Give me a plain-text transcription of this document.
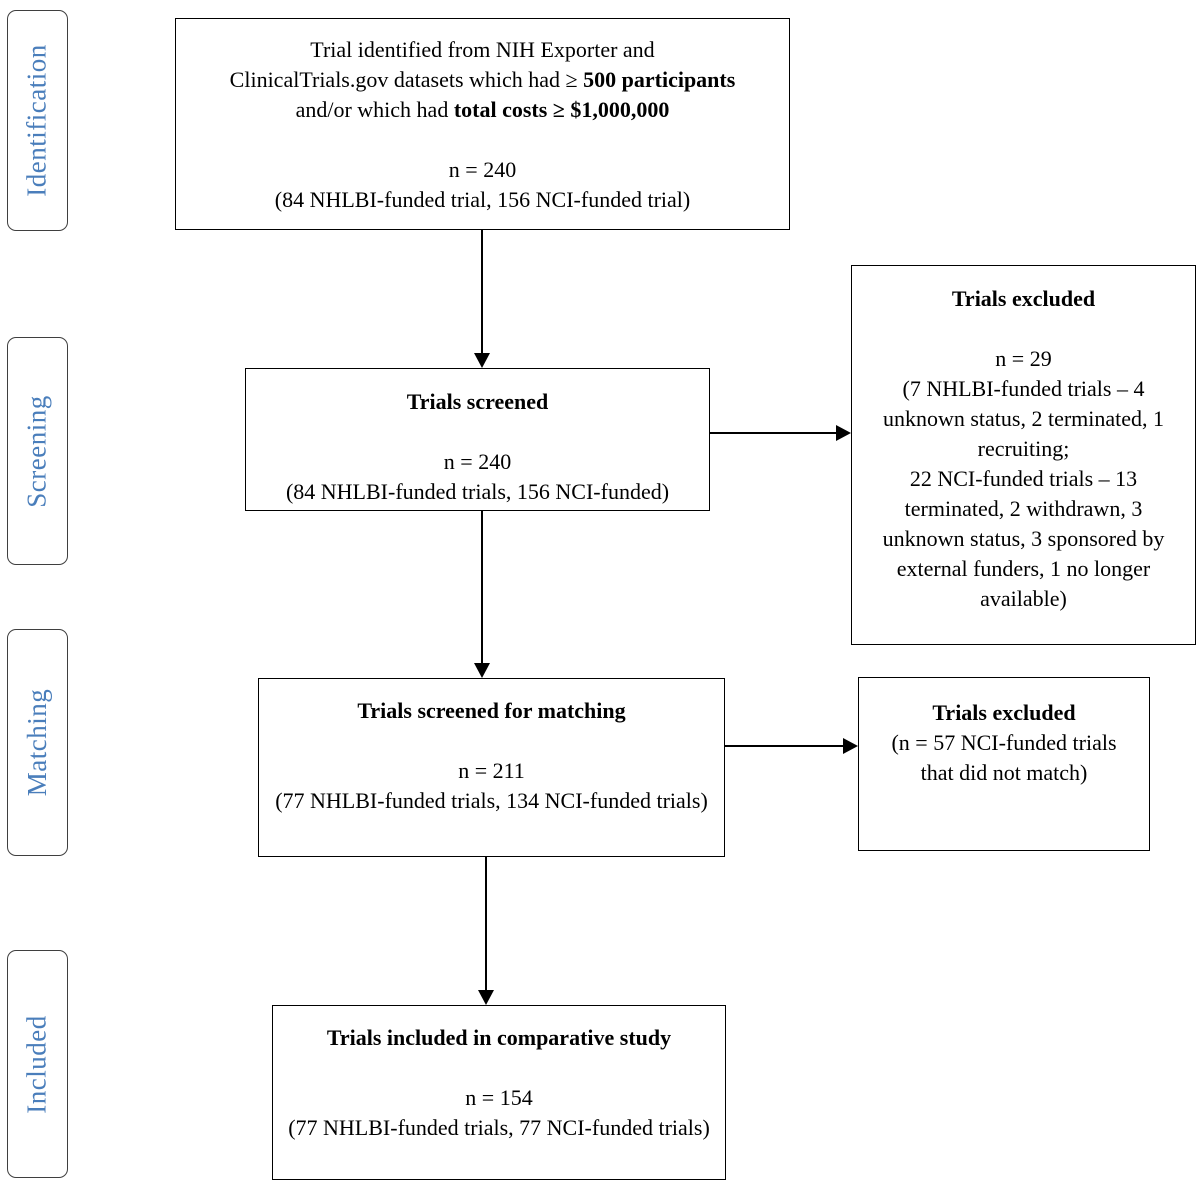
Identification
Screening
Matching
Included
Trial identified from NIH Exporter and
ClinicalTrials.gov datasets which had ≥ 500 participants
and/or which had total costs ≥ $1,000,000
n = 240
(84 NHLBI-funded trial, 156 NCI-funded trial)
Trials screened
n = 240
(84 NHLBI-funded trials, 156 NCI-funded)
Trials excluded
n = 29
(7 NHLBI-funded trials – 4 unknown status, 2 terminated, 1 recruiting;
22 NCI-funded trials – 13 terminated, 2 withdrawn, 3 unknown status, 3 sponsored by external funders, 1 no longer available)
Trials screened for matching
n = 211
(77 NHLBI-funded trials, 134 NCI-funded trials)
Trials excluded
(n = 57 NCI-funded trials that did not match)
Trials included in comparative study
n = 154
(77 NHLBI-funded trials, 77 NCI-funded trials)
